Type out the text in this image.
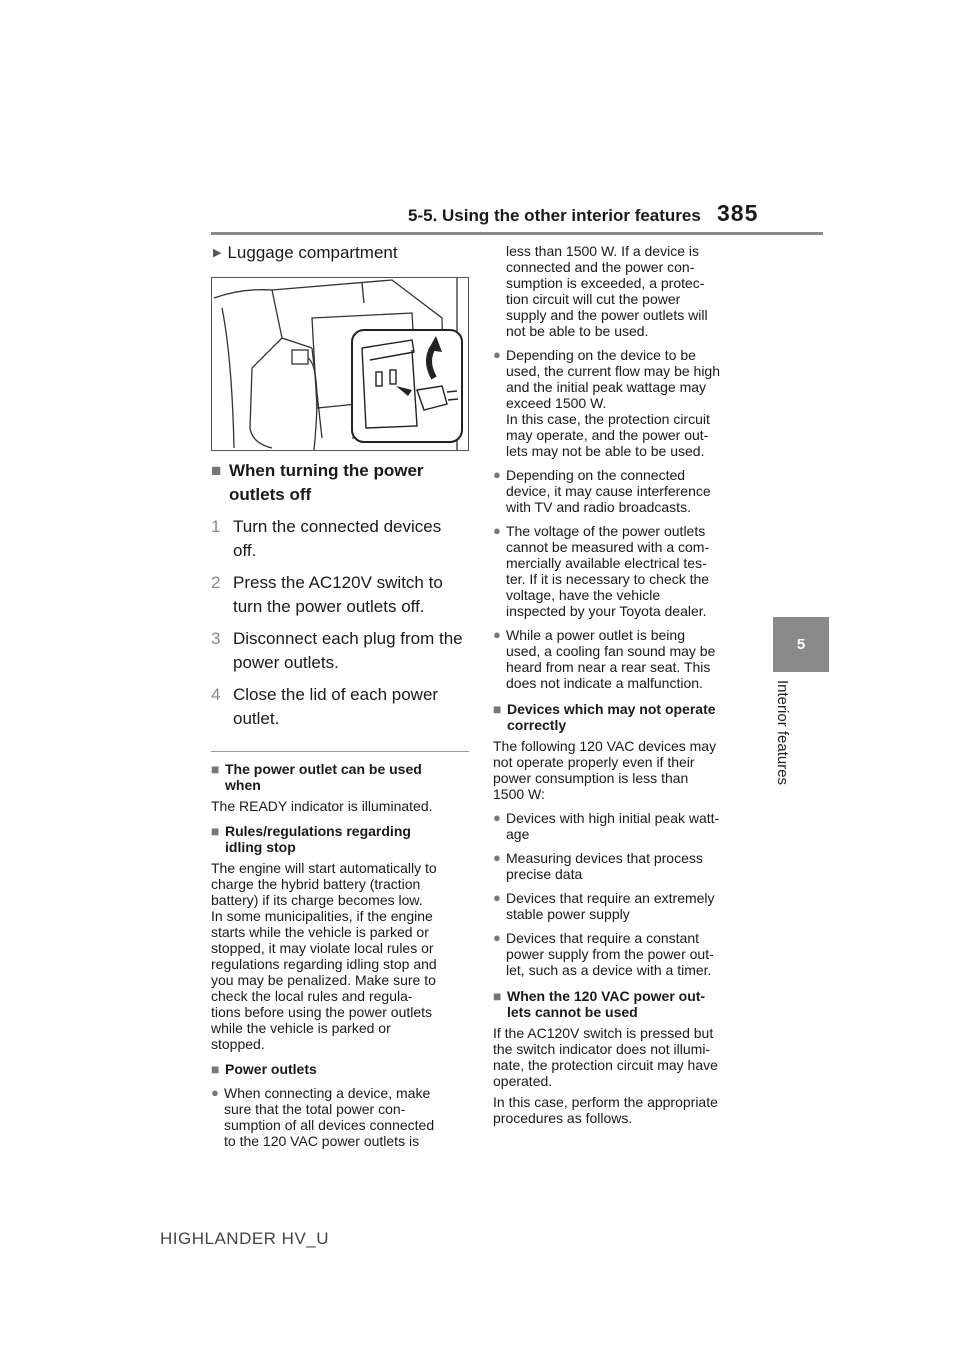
5-5. Using the other interior features 385
5
Interior features
▶ Luggage compartment
■ When turning the power outlets off
1 Turn the connected devices off.
2 Press the AC120V switch to turn the power outlets off.
3 Disconnect each plug from the power outlets.
4 Close the lid of each power outlet.
■ The power outlet can be used
when
The READY indicator is illuminated.
■ Rules/regulations regarding
idling stop
The engine will start automatically to
charge the hybrid battery (traction
battery) if its charge becomes low.
In some municipalities, if the engine
starts while the vehicle is parked or
stopped, it may violate local rules or
regulations regarding idling stop and
you may be penalized. Make sure to
check the local rules and regula-
tions before using the power outlets
while the vehicle is parked or
stopped.
■ Power outlets
● When connecting a device, make
sure that the total power con-
sumption of all devices connected
to the 120 VAC power outlets is
less than 1500 W. If a device is
connected and the power con-
sumption is exceeded, a protec-
tion circuit will cut the power
supply and the power outlets will
not be able to be used.
● Depending on the device to be
used, the current flow may be high
and the initial peak wattage may
exceed 1500 W.
In this case, the protection circuit
may operate, and the power out-
lets may not be able to be used.
● Depending on the connected
device, it may cause interference
with TV and radio broadcasts.
● The voltage of the power outlets
cannot be measured with a com-
mercially available electrical tes-
ter. If it is necessary to check the
voltage, have the vehicle
inspected by your Toyota dealer.
● While a power outlet is being
used, a cooling fan sound may be
heard from near a rear seat. This
does not indicate a malfunction.
■ Devices which may not operate
correctly
The following 120 VAC devices may
not operate properly even if their
power consumption is less than
1500 W:
● Devices with high initial peak watt-
age
● Measuring devices that process
precise data
● Devices that require an extremely
stable power supply
● Devices that require a constant
power supply from the power out-
let, such as a device with a timer.
■ When the 120 VAC power out-
lets cannot be used
If the AC120V switch is pressed but
the switch indicator does not illumi-
nate, the protection circuit may have
operated.
In this case, perform the appropriate
procedures as follows.
HIGHLANDER HV_U
